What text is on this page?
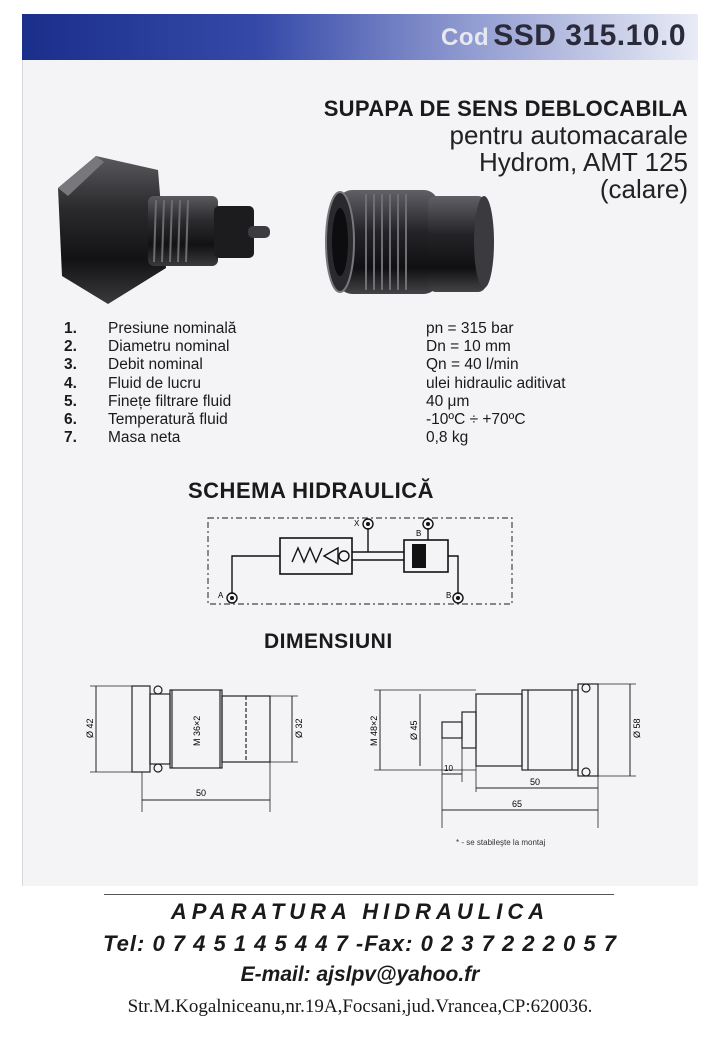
Cod SSD 315.10.0
SUPAPA DE SENS DEBLOCABILA
pentru automacarale
Hydrom, AMT 125
(calare)
1.	Presiune nominală	pn = 315 bar
2.	Diametru nominal	Dn = 10 mm
3.	Debit nominal	Qn = 40 l/min
4.	Fluid de lucru	ulei hidraulic aditivat
5.	Finețe filtrare fluid	40 μm
6.	Temperatură fluid	-10ºC ÷ +70ºC
7.	Masa neta	0,8 kg
SCHEMA HIDRAULICĂ
X
B
A	B
DIMENSIUNI
Ø 42	M 36×2	Ø 32
50
M 48×2	Ø 45	Ø 58
10
50
65
* - se stabileşte la montaj
APARATURA HIDRAULICA
Tel: 0 7 4 5 1 4 5 4 4 7 -Fax: 0 2 3 7 2 2 2 0 5 7
E-mail: ajslpv@yahoo.fr
Str.M.Kogalniceanu,nr.19A,Focsani,jud.Vrancea,CP:620036.
